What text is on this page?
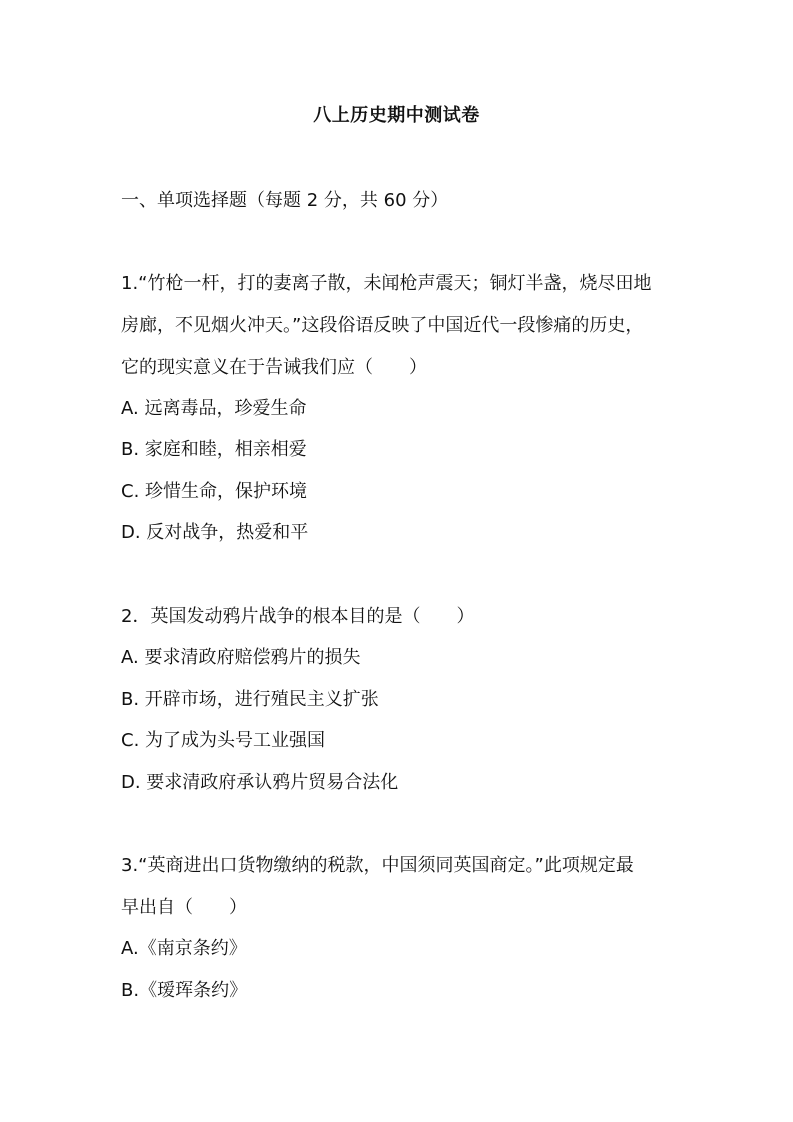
八上历史期中测试卷
一、单项选择题（每题 2 分，共 60 分）
1.“竹枪一杆，打的妻离子散，未闻枪声震天；铜灯半盏，烧尽田地
房廊，不见烟火冲天。”这段俗语反映了中国近代一段惨痛的历史，
它的现实意义在于告诫我们应（　　）
A. 远离毒品，珍爱生命
B. 家庭和睦，相亲相爱
C. 珍惜生命，保护环境
D. 反对战争，热爱和平
2．英国发动鸦片战争的根本目的是（　　）
A. 要求清政府赔偿鸦片的损失
B. 开辟市场，进行殖民主义扩张
C. 为了成为头号工业强国
D. 要求清政府承认鸦片贸易合法化
3.“英商进出口货物缴纳的税款，中国须同英国商定。”此项规定最
早出自（　　）
A.《南京条约》
B.《瑷珲条约》
